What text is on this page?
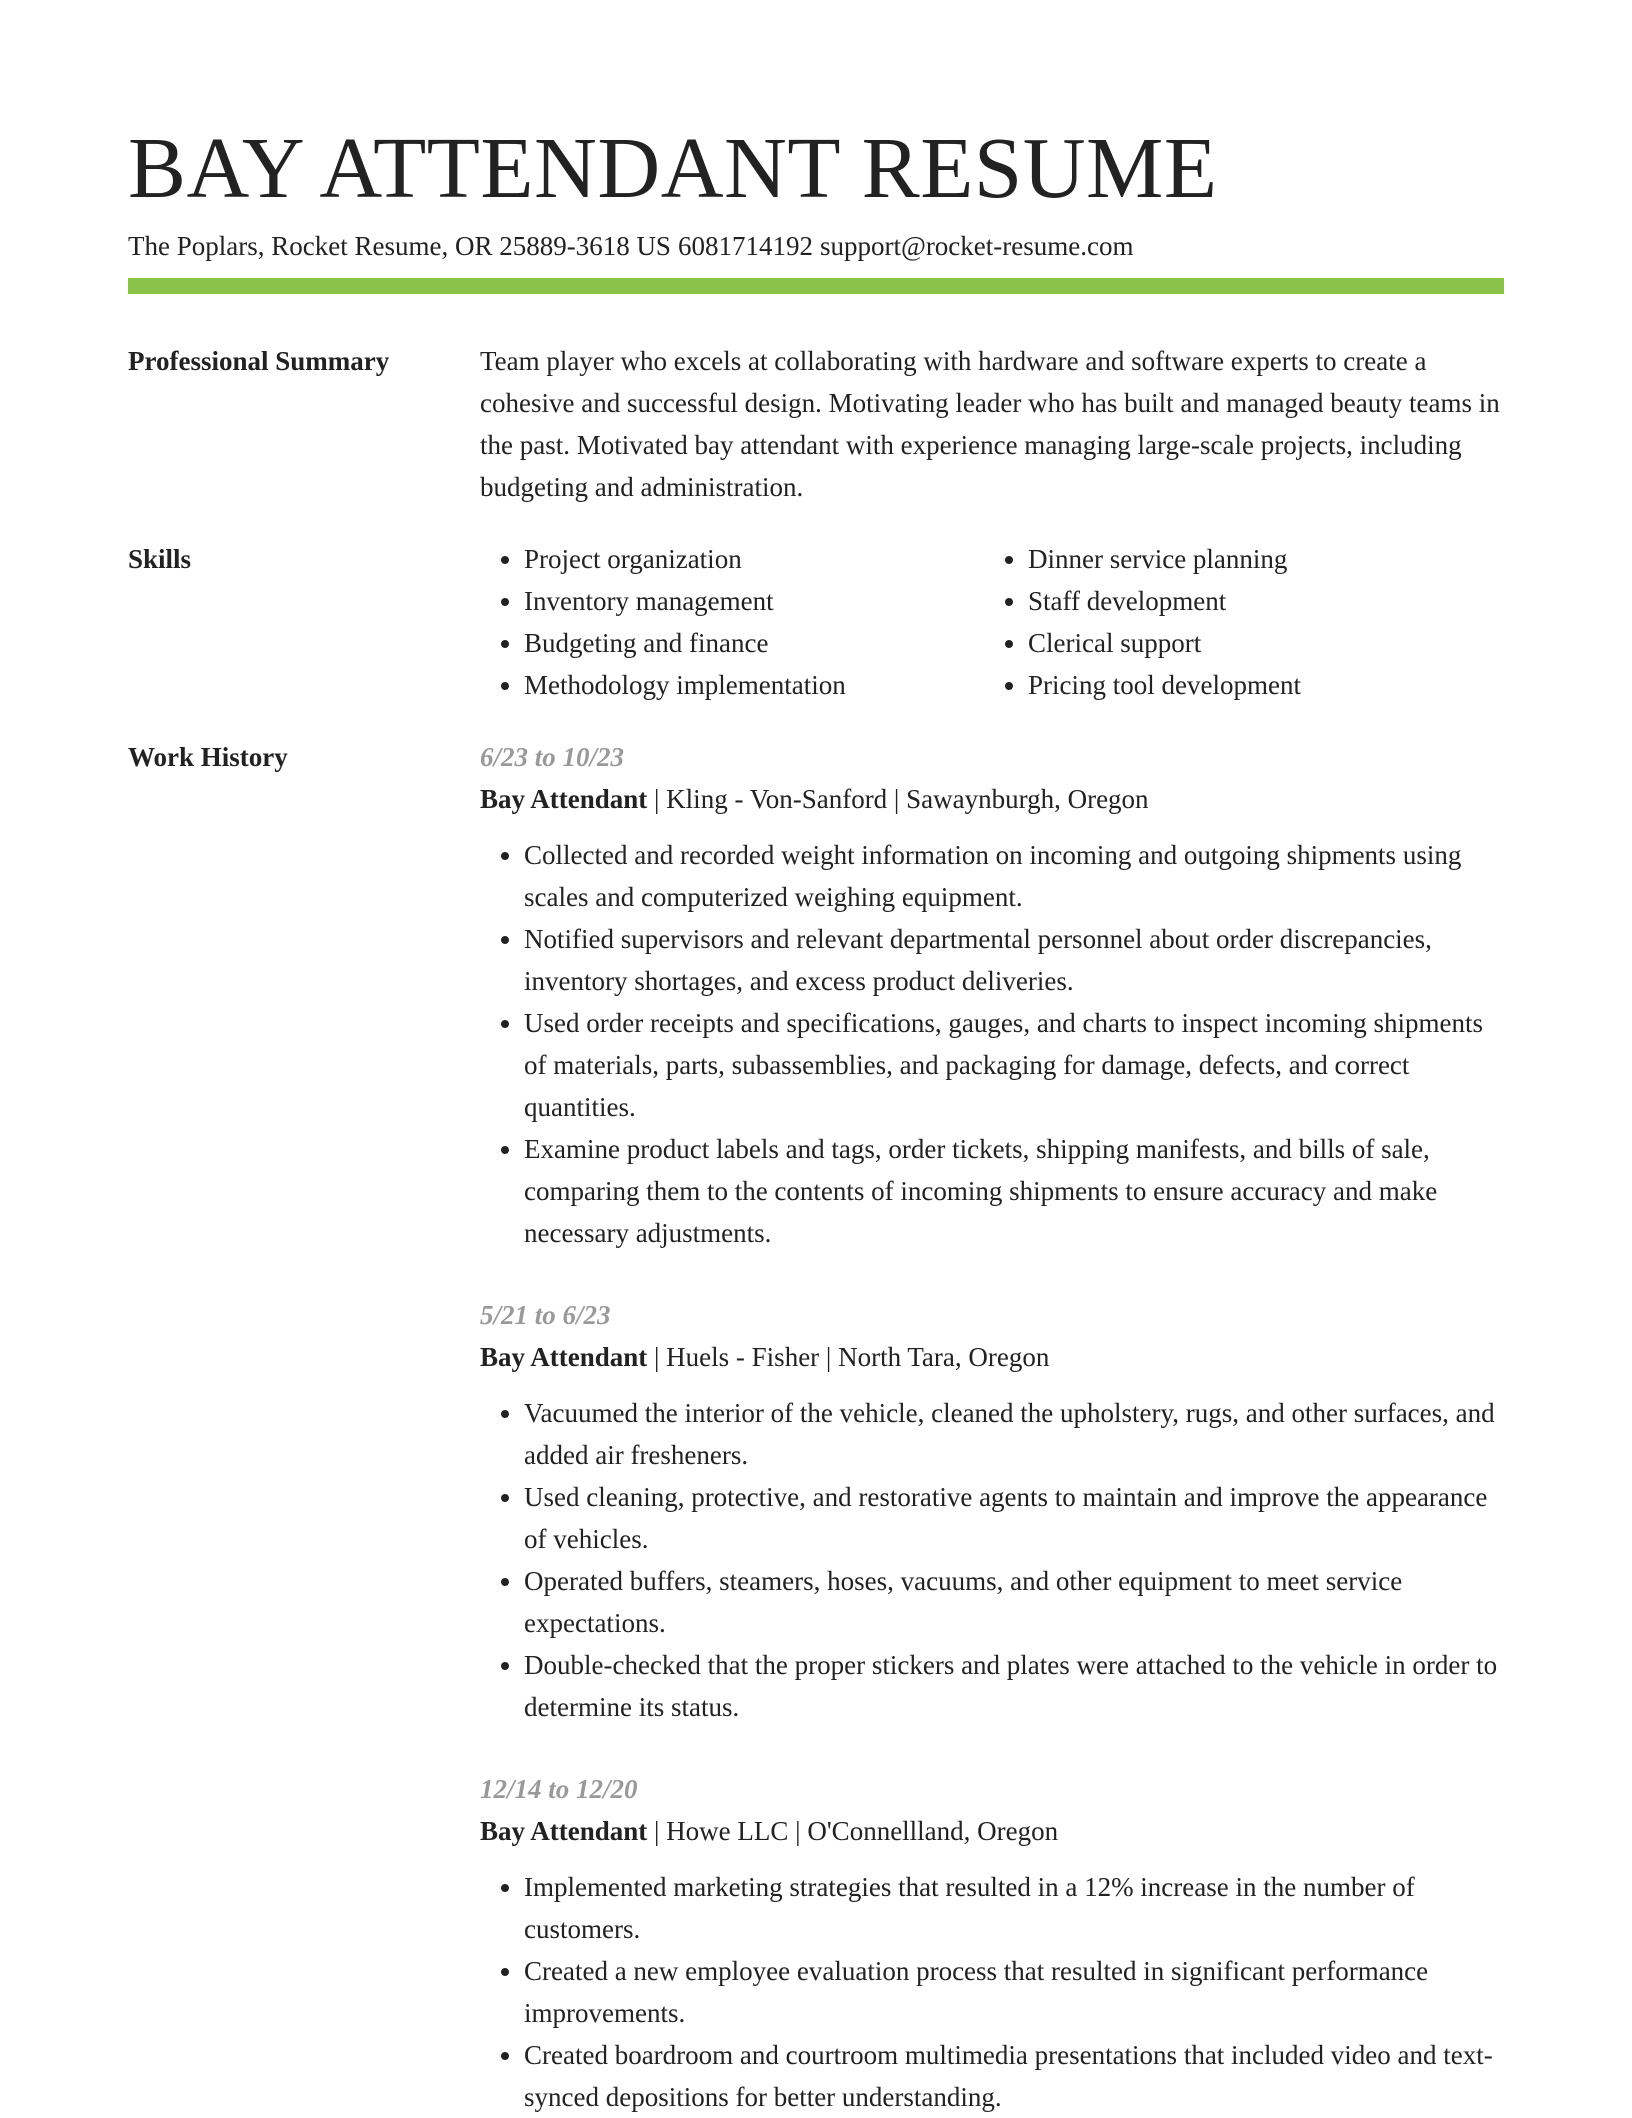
BAY ATTENDANT RESUME
The Poplars, Rocket Resume, OR 25889-3618 US 6081714192 support@rocket-resume.com
Professional Summary	Team player who excels at collaborating with hardware and software experts to create a cohesive and successful design. Motivating leader who has built and managed beauty teams in the past. Motivated bay attendant with experience managing large-scale projects, including budgeting and administration.

Skills
•	Project organization
• Inventory management
• Budgeting and finance
• Methodology implementation
• Dinner service planning
• Staff development
• Clerical support
• Pricing tool development
Work History	6/23 to 10/23
Bay Attendant | Kling - Von-Sanford | Sawaynburgh, Oregon
• Collected and recorded weight information on incoming and outgoing shipments using scales and computerized weighing equipment.
• Notified supervisors and relevant departmental personnel about order discrepancies, inventory shortages, and excess product deliveries.
• Used order receipts and specifications, gauges, and charts to inspect incoming shipments of materials, parts, subassemblies, and packaging for damage, defects, and correct quantities.
• Examine product labels and tags, order tickets, shipping manifests, and bills of sale, comparing them to the contents of incoming shipments to ensure accuracy and make necessary adjustments.
5/21 to 6/23
Bay Attendant | Huels - Fisher | North Tara, Oregon
• Vacuumed the interior of the vehicle, cleaned the upholstery, rugs, and other surfaces, and added air fresheners.
• Used cleaning, protective, and restorative agents to maintain and improve the appearance of vehicles.
• Operated buffers, steamers, hoses, vacuums, and other equipment to meet service expectations.
• Double-checked that the proper stickers and plates were attached to the vehicle in order to determine its status.
12/14 to 12/20
Bay Attendant | Howe LLC | O'Connellland, Oregon
• Implemented marketing strategies that resulted in a 12% increase in the number of customers.
• Created a new employee evaluation process that resulted in significant performance improvements.
• Created boardroom and courtroom multimedia presentations that included video and text-synced depositions for better understanding.
